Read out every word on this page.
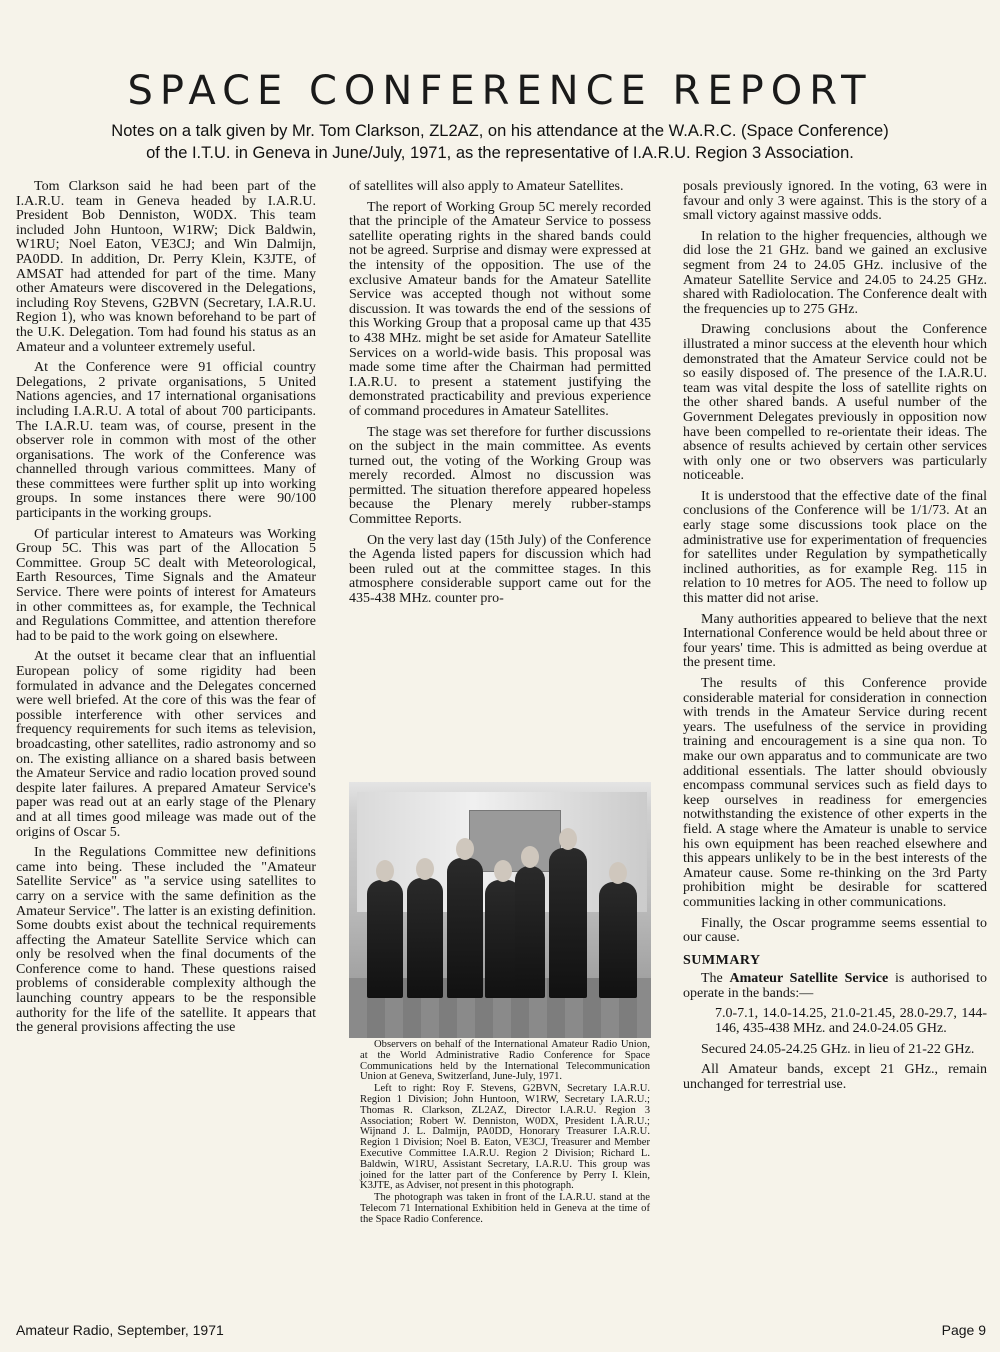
SPACE CONFERENCE REPORT
Notes on a talk given by Mr. Tom Clarkson, ZL2AZ, on his attendance at the W.A.R.C. (Space Conference)
of the I.T.U. in Geneva in June/July, 1971, as the representative of I.A.R.U. Region 3 Association.

Tom Clarkson said he had been part of the I.A.R.U. team in Geneva headed by I.A.R.U. President Bob Denniston, W0DX. This team included John Huntoon, W1RW; Dick Baldwin, W1RU; Noel Eaton, VE3CJ; and Win Dalmijn, PA0DD. In addition, Dr. Perry Klein, K3JTE, of AMSAT had attended for part of the time. Many other Amateurs were discovered in the Delegations, including Roy Stevens, G2BVN (Secretary, I.A.R.U. Region 1), who was known beforehand to be part of the U.K. Delegation. Tom had found his status as an Amateur and a volunteer extremely useful.

At the Conference were 91 official country Delegations, 2 private organisations, 5 United Nations agencies, and 17 international organisations including I.A.R.U. A total of about 700 participants. The I.A.R.U. team was, of course, present in the observer role in common with most of the other organisations. The work of the Conference was channelled through various committees. Many of these committees were further split up into working groups. In some instances there were 90/100 participants in the working groups.

Of particular interest to Amateurs was Working Group 5C. This was part of the Allocation 5 Committee. Group 5C dealt with Meteorological, Earth Resources, Time Signals and the Amateur Service. There were points of interest for Amateurs in other committees as, for example, the Technical and Regulations Committee, and attention therefore had to be paid to the work going on elsewhere.

At the outset it became clear that an influential European policy of some rigidity had been formulated in advance and the Delegates concerned were well briefed. At the core of this was the fear of possible interference with other services and frequency requirements for such items as television, broadcasting, other satellites, radio astronomy and so on. The existing alliance on a shared basis between the Amateur Service and radio location proved sound despite later failures. A prepared Amateur Service's paper was read out at an early stage of the Plenary and at all times good mileage was made out of the origins of Oscar 5.

In the Regulations Committee new definitions came into being. These included the "Amateur Satellite Service" as "a service using satellites to carry on a service with the same definition as the Amateur Service". The latter is an existing definition. Some doubts exist about the technical requirements affecting the Amateur Satellite Service which can only be resolved when the final documents of the Conference come to hand. These questions raised problems of considerable complexity although the launching country appears to be the responsible authority for the life of the satellite. It appears that the general provisions affecting the use

of satellites will also apply to Amateur Satellites.

The report of Working Group 5C merely recorded that the principle of the Amateur Service to possess satellite operating rights in the shared bands could not be agreed. Surprise and dismay were expressed at the intensity of the opposition. The use of the exclusive Amateur bands for the Amateur Satellite Service was accepted though not without some discussion. It was towards the end of the sessions of this Working Group that a proposal came up that 435 to 438 MHz. might be set aside for Amateur Satellite Services on a world-wide basis. This proposal was made some time after the Chairman had permitted I.A.R.U. to present a statement justifying the demonstrated practicability and previous experience of command procedures in Amateur Satellites.

The stage was set therefore for further discussions on the subject in the main committee. As events turned out, the voting of the Working Group was merely recorded. Almost no discussion was permitted. The situation therefore appeared hopeless because the Plenary merely rubber-stamps Committee Reports.

On the very last day (15th July) of the Conference the Agenda listed papers for discussion which had been ruled out at the committee stages. In this atmosphere considerable support came out for the 435-438 MHz. counter pro-

Observers on behalf of the International Amateur Radio Union, at the World Administrative Radio Conference for Space Communications held by the International Telecommunication Union at Geneva, Switzerland, June-July, 1971.

Left to right: Roy F. Stevens, G2BVN, Secretary I.A.R.U. Region 1 Division; John Huntoon, W1RW, Secretary I.A.R.U.; Thomas R. Clarkson, ZL2AZ, Director I.A.R.U. Region 3 Association; Robert W. Denniston, W0DX, President I.A.R.U.; Wijnand J. L. Dalmijn, PA0DD, Honorary Treasurer I.A.R.U. Region 1 Division; Noel B. Eaton, VE3CJ, Treasurer and Member Executive Committee I.A.R.U. Region 2 Division; Richard L. Baldwin, W1RU, Assistant Secretary, I.A.R.U. This group was joined for the latter part of the Conference by Perry I. Klein, K3JTE, as Adviser, not present in this photograph.

The photograph was taken in front of the I.A.R.U. stand at the Telecom 71 International Exhibition held in Geneva at the time of the Space Radio Conference.

posals previously ignored. In the voting, 63 were in favour and only 3 were against. This is the story of a small victory against massive odds.

In relation to the higher frequencies, although we did lose the 21 GHz. band we gained an exclusive segment from 24 to 24.05 GHz. inclusive of the Amateur Satellite Service and 24.05 to 24.25 GHz. shared with Radiolocation. The Conference dealt with the frequencies up to 275 GHz.

Drawing conclusions about the Conference illustrated a minor success at the eleventh hour which demonstrated that the Amateur Service could not be so easily disposed of. The presence of the I.A.R.U. team was vital despite the loss of satellite rights on the other shared bands. A useful number of the Government Delegates previously in opposition now have been compelled to re-orientate their ideas. The absence of results achieved by certain other services with only one or two observers was particularly noticeable.

It is understood that the effective date of the final conclusions of the Conference will be 1/1/73. At an early stage some discussions took place on the administrative use for experimentation of frequencies for satellites under Regulation by sympathetically inclined authorities, as for example Reg. 115 in relation to 10 metres for AO5. The need to follow up this matter did not arise.

Many authorities appeared to believe that the next International Conference would be held about three or four years' time. This is admitted as being overdue at the present time.

The results of this Conference provide considerable material for consideration in connection with trends in the Amateur Service during recent years. The usefulness of the service in providing training and encouragement is a sine qua non. To make our own apparatus and to communicate are two additional essentials. The latter should obviously encompass communal services such as field days to keep ourselves in readiness for emergencies notwithstanding the existence of other experts in the field. A stage where the Amateur is unable to service his own equipment has been reached elsewhere and this appears unlikely to be in the best interests of the Amateur cause. Some re-thinking on the 3rd Party prohibition might be desirable for scattered communities lacking in other communications.

Finally, the Oscar programme seems essential to our cause.

SUMMARY

The Amateur Satellite Service is authorised to operate in the bands:—

7.0-7.1, 14.0-14.25, 21.0-21.45, 28.0-29.7, 144-146, 435-438 MHz. and 24.0-24.05 GHz.

Secured 24.05-24.25 GHz. in lieu of 21-22 GHz.

All Amateur bands, except 21 GHz., remain unchanged for terrestrial use.

Amateur Radio, September, 1971	Page 9
